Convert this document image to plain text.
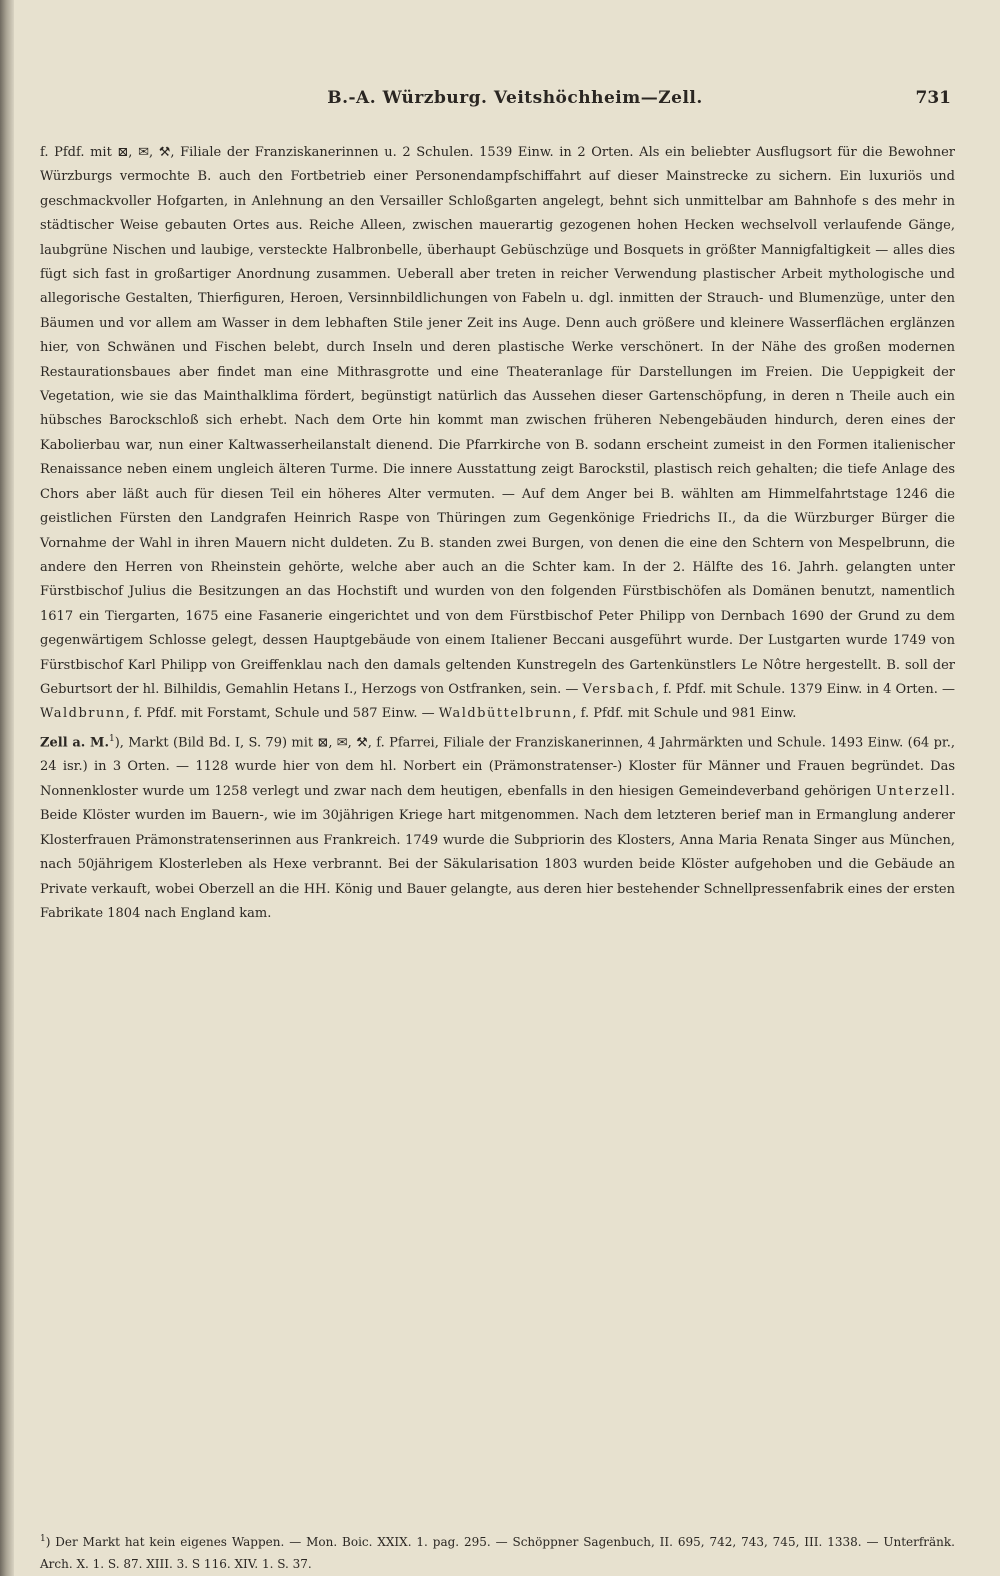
B.-A. Würzburg. Veitshöchheim—Zell.	731

f. Pfdf. mit ⊠, ✉, ⚒, Filiale der Franziskanerinnen u. 2 Schulen. 1539 Einw. in 2 Orten. Als ein beliebter Ausflugsort für die Bewohner Würzburgs vermochte B. auch den Fortbetrieb einer Personendampfschiffahrt auf dieser Mainstrecke zu sichern. Ein luxuriös und geschmackvoller Hofgarten, in Anlehnung an den Versailler Schloßgarten angelegt, behnt sich unmittelbar am Bahnhofe s des mehr in städtischer Weise gebauten Ortes aus. Reiche Alleen, zwischen mauerartig gezogenen hohen Hecken wechselvoll verlaufende Gänge, laubgrüne Nischen und laubige, versteckte Halbronbelle, überhaupt Gebüschzüge und Bosquets in größter Mannigfaltigkeit — alles dies fügt sich fast in großartiger Anordnung zusammen. Ueberall aber treten in reicher Verwendung plastischer Arbeit mythologische und allegorische Gestalten, Thierfiguren, Heroen, Versinnbildlichungen von Fabeln u. dgl. inmitten der Strauch- und Blumenzüge, unter den Bäumen und vor allem am Wasser in dem lebhaften Stile jener Zeit ins Auge. Denn auch größere und kleinere Wasserflächen erglänzen hier, von Schwänen und Fischen belebt, durch Inseln und deren plastische Werke verschönert. In der Nähe des großen modernen Restaurationsbaues aber findet man eine Mithrasgrotte und eine Theateranlage für Darstellungen im Freien. Die Ueppigkeit der Vegetation, wie sie das Mainthalklima fördert, begünstigt natürlich das Aussehen dieser Gartenschöpfung, in deren n Theile auch ein hübsches Barockschloß sich erhebt. Nach dem Orte hin kommt man zwischen früheren Nebengebäuden hindurch, deren eines der Kabolierbau war, nun einer Kaltwasserheilanstalt dienend. Die Pfarrkirche von B. sodann erscheint zumeist in den Formen italienischer Renaissance neben einem ungleich älteren Turme. Die innere Ausstattung zeigt Barockstil, plastisch reich gehalten; die tiefe Anlage des Chors aber läßt auch für diesen Teil ein höheres Alter vermuten. — Auf dem Anger bei B. wählten am Himmelfahrtstage 1246 die geistlichen Fürsten den Landgrafen Heinrich Raspe von Thüringen zum Gegenkönige Friedrichs II., da die Würzburger Bürger die Vornahme der Wahl in ihren Mauern nicht duldeten. Zu B. standen zwei Burgen, von denen die eine den Schtern von Mespelbrunn, die andere den Herren von Rheinstein gehörte, welche aber auch an die Schter kam. In der 2. Hälfte des 16. Jahrh. gelangten unter Fürstbischof Julius die Besitzungen an das Hochstift und wurden von den folgenden Fürstbischöfen als Domänen benutzt, namentlich 1617 ein Tiergarten, 1675 eine Fasanerie eingerichtet und von dem Fürstbischof Peter Philipp von Dernbach 1690 der Grund zu dem gegenwärtigem Schlosse gelegt, dessen Hauptgebäude von einem Italiener Beccani ausgeführt wurde. Der Lustgarten wurde 1749 von Fürstbischof Karl Philipp von Greiffenklau nach den damals geltenden Kunstregeln des Gartenkünstlers Le Nôtre hergestellt. B. soll der Geburtsort der hl. Bilhildis, Gemahlin Hetans I., Herzogs von Ostfranken, sein. — Versbach, f. Pfdf. mit Schule. 1379 Einw. in 4 Orten. — Waldbrunn, f. Pfdf. mit Forstamt, Schule und 587 Einw. — Waldbüttelbrunn, f. Pfdf. mit Schule und 981 Einw.

Zell a. M.$^1$), Markt (Bild Bd. I, S. 79) mit ⊠, ✉, ⚒, f. Pfarrei, Filiale der Franziskanerinnen, 4 Jahrmärkten und Schule. 1493 Einw. (64 pr., 24 isr.) in 3 Orten. — 1128 wurde hier von dem hl. Norbert ein (Prämonstratenser-) Kloster für Männer und Frauen begründet. Das Nonnenkloster wurde um 1258 verlegt und zwar nach dem heutigen, ebenfalls in den hiesigen Gemeindeverband gehörigen Unterzell. Beide Klöster wurden im Bauern-, wie im 30jährigen Kriege hart mitgenommen. Nach dem letzteren berief man in Ermanglung anderer Klosterfrauen Prämonstratenserinnen aus Frankreich. 1749 wurde die Subpriorin des Klosters, Anna Maria Renata Singer aus München, nach 50jährigem Klosterleben als Hexe verbrannt. Bei der Säkularisation 1803 wurden beide Klöster aufgehoben und die Gebäude an Private verkauft, wobei Oberzell an die HH. König und Bauer gelangte, aus deren hier bestehender Schnellpressenfabrik eines der ersten Fabrikate 1804 nach England kam.

$^1$) Der Markt hat kein eigenes Wappen. — Mon. Boic. XXIX. 1. pag. 295. — Schöppner Sagenbuch, II. 695, 742, 743, 745, III. 1338. — Unterfränk. Arch. X. 1. S. 87. XIII. 3. S 116. XIV. 1. S. 37.
